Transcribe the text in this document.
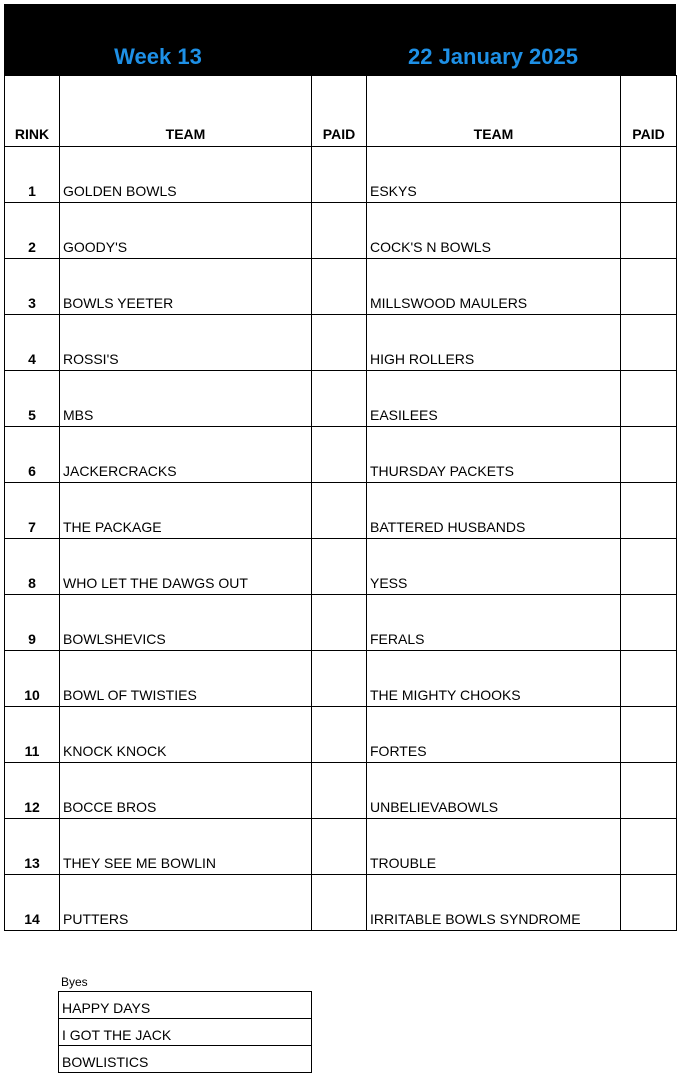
Week 13	22 January 2025
RINK	TEAM	PAID	TEAM	PAID
1	GOLDEN BOWLS		ESKYS	
2	GOODY'S		COCK'S N BOWLS	
3	BOWLS YEETER		MILLSWOOD MAULERS	
4	ROSSI'S		HIGH ROLLERS	
5	MBS		EASILEES	
6	JACKERCRACKS		THURSDAY PACKETS	
7	THE PACKAGE		BATTERED HUSBANDS	
8	WHO LET THE DAWGS OUT		YESS	
9	BOWLSHEVICS		FERALS	
10	BOWL OF TWISTIES		THE MIGHTY CHOOKS	
11	KNOCK KNOCK		FORTES	
12	BOCCE BROS		UNBELIEVABOWLS	
13	THEY SEE ME BOWLIN		TROUBLE	
14	PUTTERS		IRRITABLE BOWLS SYNDROME	
Byes
HAPPY DAYS
I GOT THE JACK
BOWLISTICS
